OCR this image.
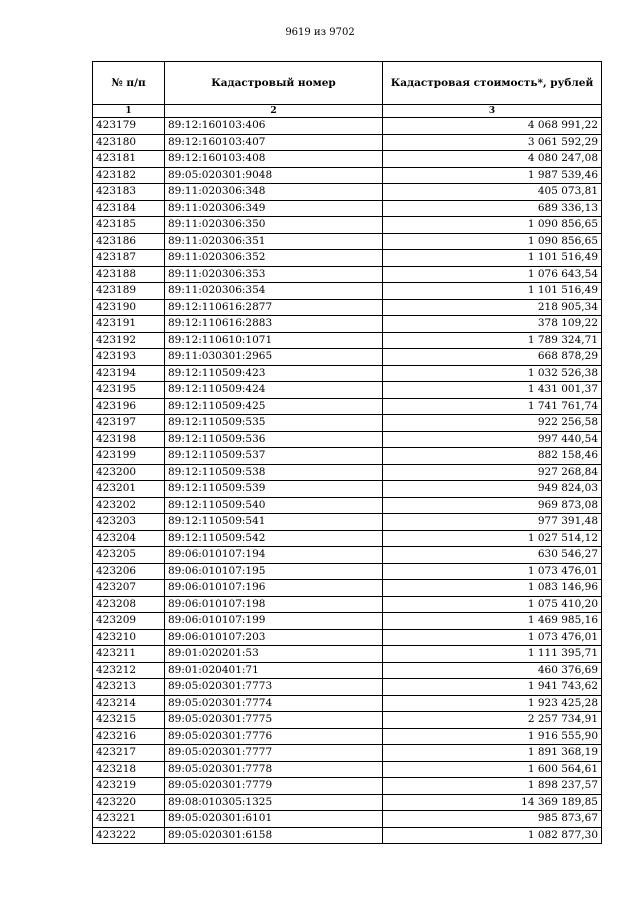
9619 из 9702
№ п/п	Кадастровый номер	Кадастровая стоимость*, рублей
1	2	3
423179	89:12:160103:406	4 068 991,22
423180	89:12:160103:407	3 061 592,29
423181	89:12:160103:408	4 080 247,08
423182	89:05:020301:9048	1 987 539,46
423183	89:11:020306:348	405 073,81
423184	89:11:020306:349	689 336,13
423185	89:11:020306:350	1 090 856,65
423186	89:11:020306:351	1 090 856,65
423187	89:11:020306:352	1 101 516,49
423188	89:11:020306:353	1 076 643,54
423189	89:11:020306:354	1 101 516,49
423190	89:12:110616:2877	218 905,34
423191	89:12:110616:2883	378 109,22
423192	89:12:110610:1071	1 789 324,71
423193	89:11:030301:2965	668 878,29
423194	89:12:110509:423	1 032 526,38
423195	89:12:110509:424	1 431 001,37
423196	89:12:110509:425	1 741 761,74
423197	89:12:110509:535	922 256,58
423198	89:12:110509:536	997 440,54
423199	89:12:110509:537	882 158,46
423200	89:12:110509:538	927 268,84
423201	89:12:110509:539	949 824,03
423202	89:12:110509:540	969 873,08
423203	89:12:110509:541	977 391,48
423204	89:12:110509:542	1 027 514,12
423205	89:06:010107:194	630 546,27
423206	89:06:010107:195	1 073 476,01
423207	89:06:010107:196	1 083 146,96
423208	89:06:010107:198	1 075 410,20
423209	89:06:010107:199	1 469 985,16
423210	89:06:010107:203	1 073 476,01
423211	89:01:020201:53	1 111 395,71
423212	89:01:020401:71	460 376,69
423213	89:05:020301:7773	1 941 743,62
423214	89:05:020301:7774	1 923 425,28
423215	89:05:020301:7775	2 257 734,91
423216	89:05:020301:7776	1 916 555,90
423217	89:05:020301:7777	1 891 368,19
423218	89:05:020301:7778	1 600 564,61
423219	89:05:020301:7779	1 898 237,57
423220	89:08:010305:1325	14 369 189,85
423221	89:05:020301:6101	985 873,67
423222	89:05:020301:6158	1 082 877,30
